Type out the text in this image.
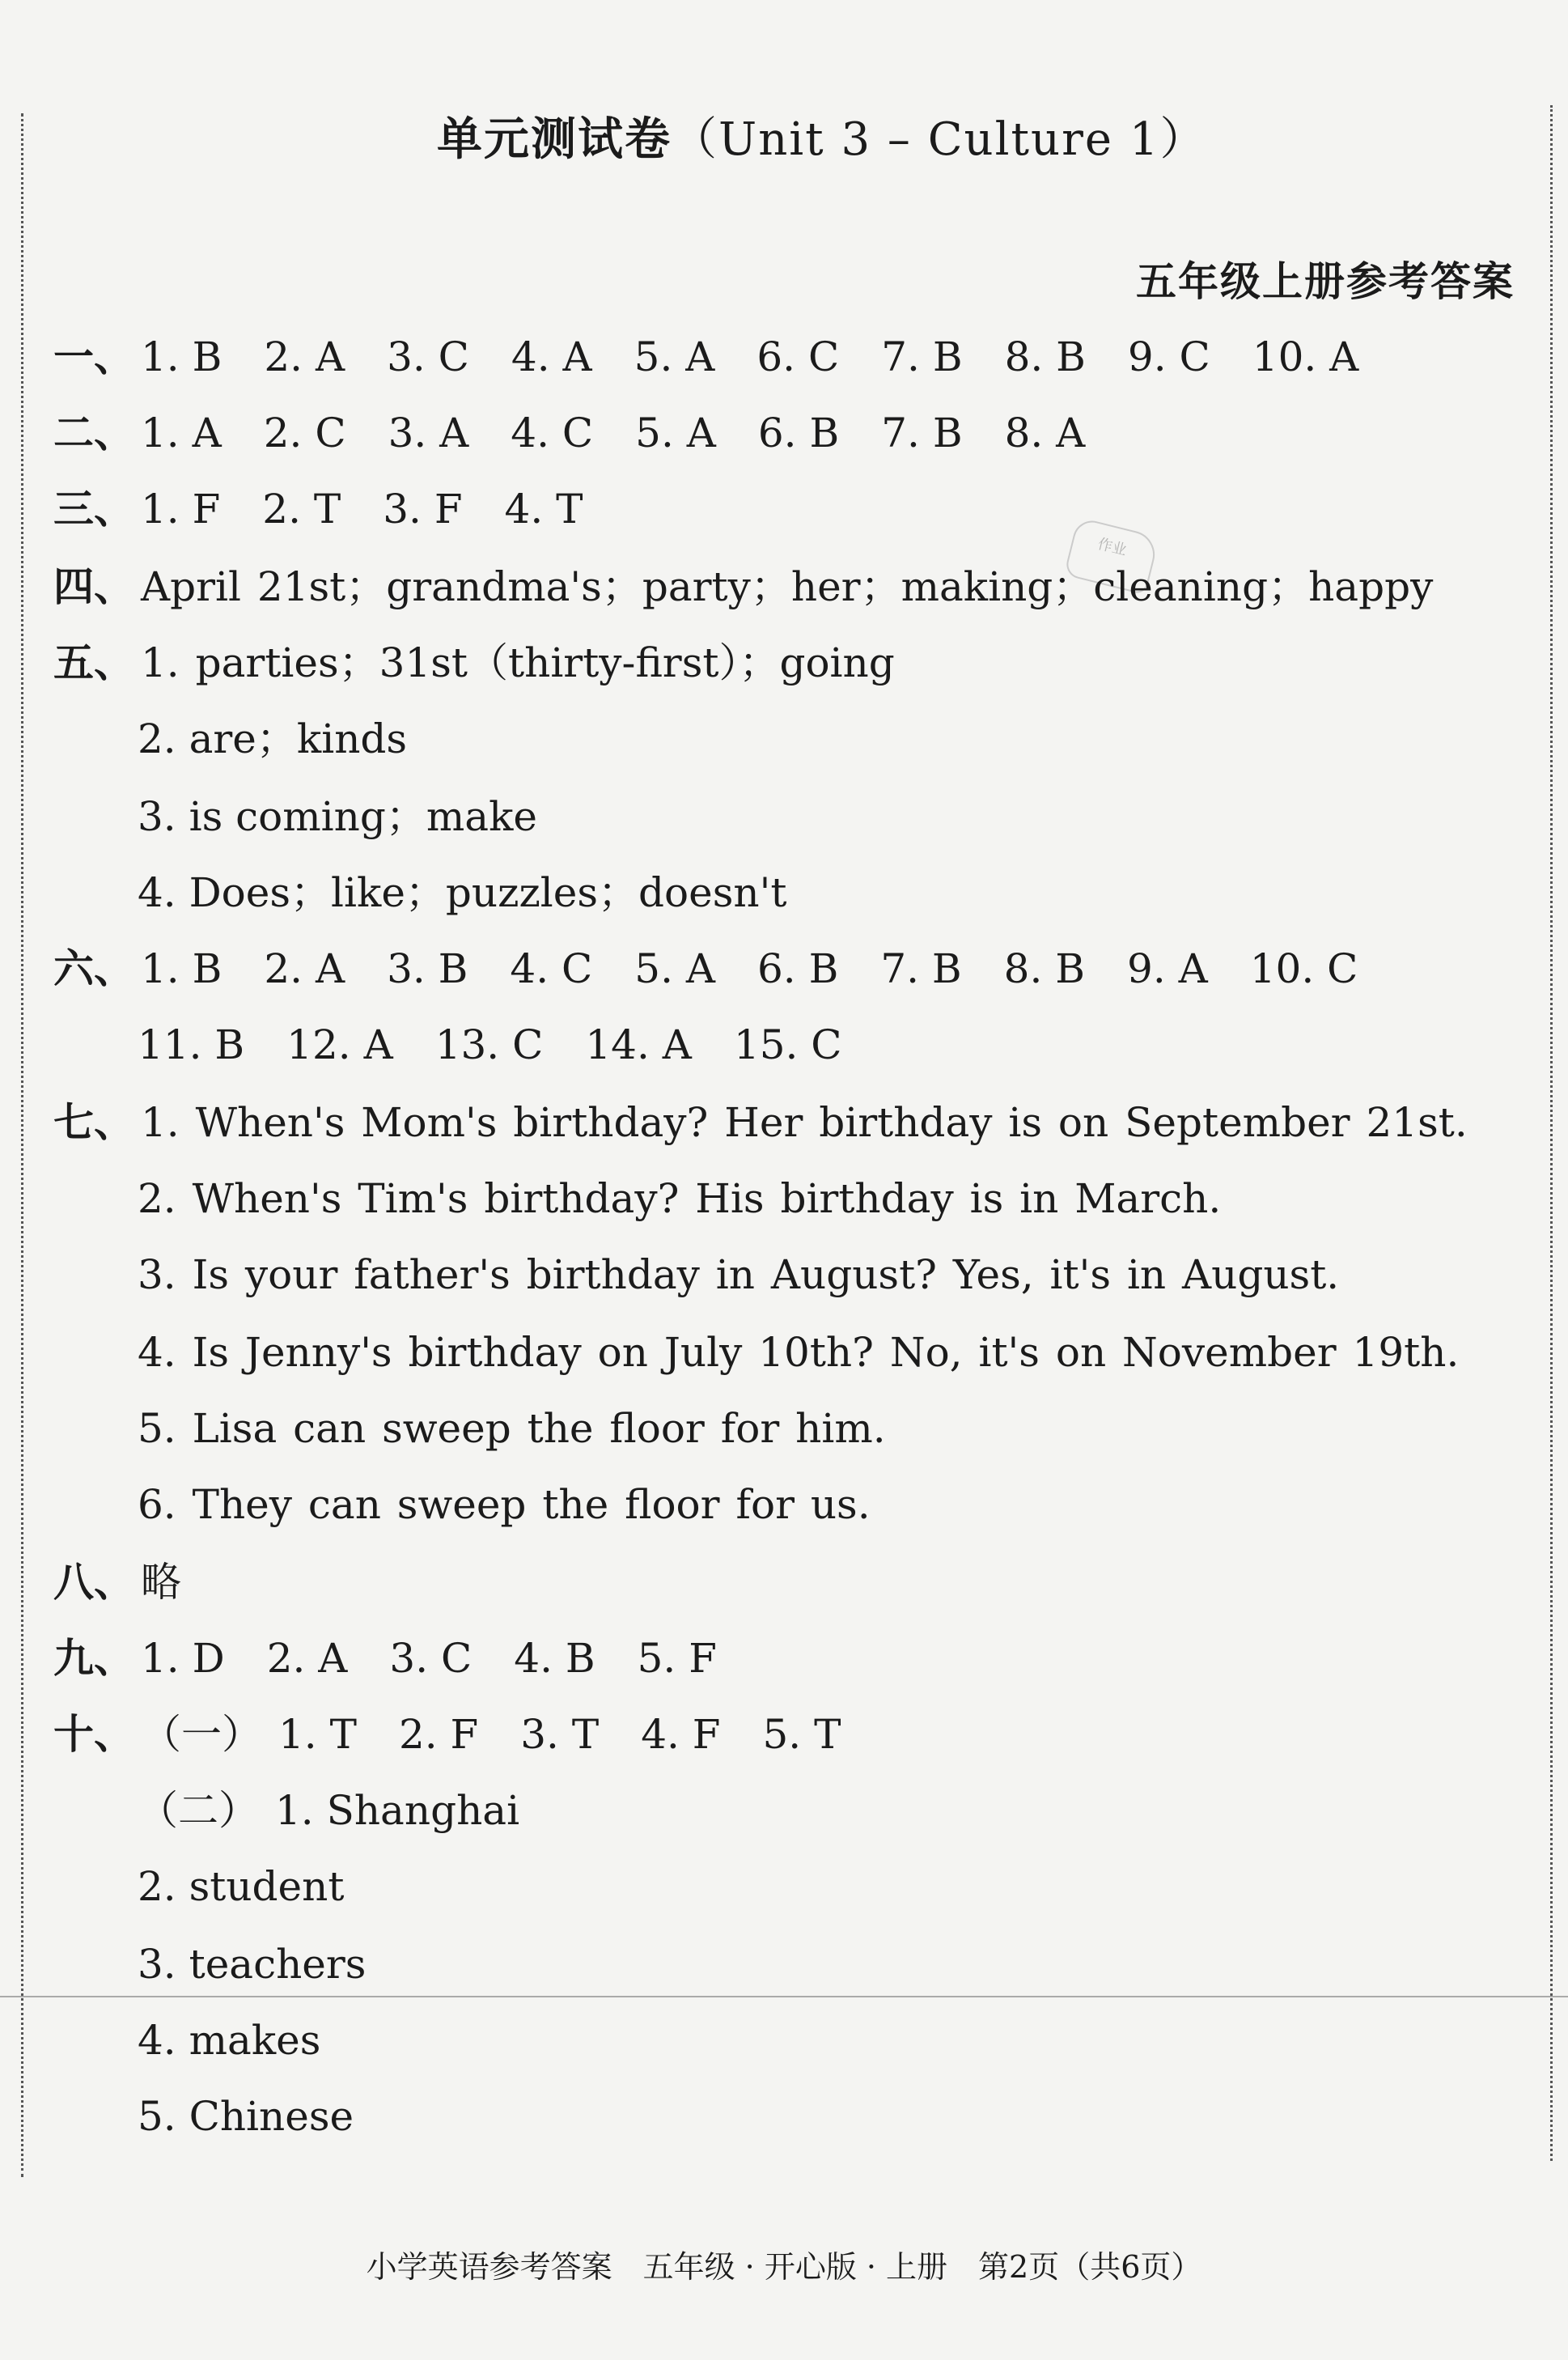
单元测试卷（Unit 3 – Culture 1）
五年级上册参考答案
作业
一、 1. B 2. A 3. C 4. A 5. A 6. C 7. B 8. B 9. C 10. A
二、 1. A 2. C 3. A 4. C 5. A 6. B 7. B 8. A
三、 1. F 2. T 3. F 4. T
四、 April 21st；grandma's；party；her；making；cleaning；happy
五、 1. parties；31st（thirty-first）；going
2. are；kinds
3. is coming；make
4. Does；like；puzzles；doesn't
六、 1. B 2. A 3. B 4. C 5. A 6. B 7. B 8. B 9. A 10. C
11. B 12. A 13. C 14. A 15. C
七、 1. When's Mom's birthday? Her birthday is on September 21st.
2. When's Tim's birthday? His birthday is in March.
3. Is your father's birthday in August? Yes, it's in August.
4. Is Jenny's birthday on July 10th? No, it's on November 19th.
5. Lisa can sweep the floor for him.
6. They can sweep the floor for us.
八、 略
九、 1. D 2. A 3. C 4. B 5. F
十、 （一） 1. T 2. F 3. T 4. F 5. T
（二） 1. Shanghai
2. student
3. teachers
4. makes
5. Chinese
小学英语参考答案　五年级 · 开心版 · 上册　第2页（共6页）
